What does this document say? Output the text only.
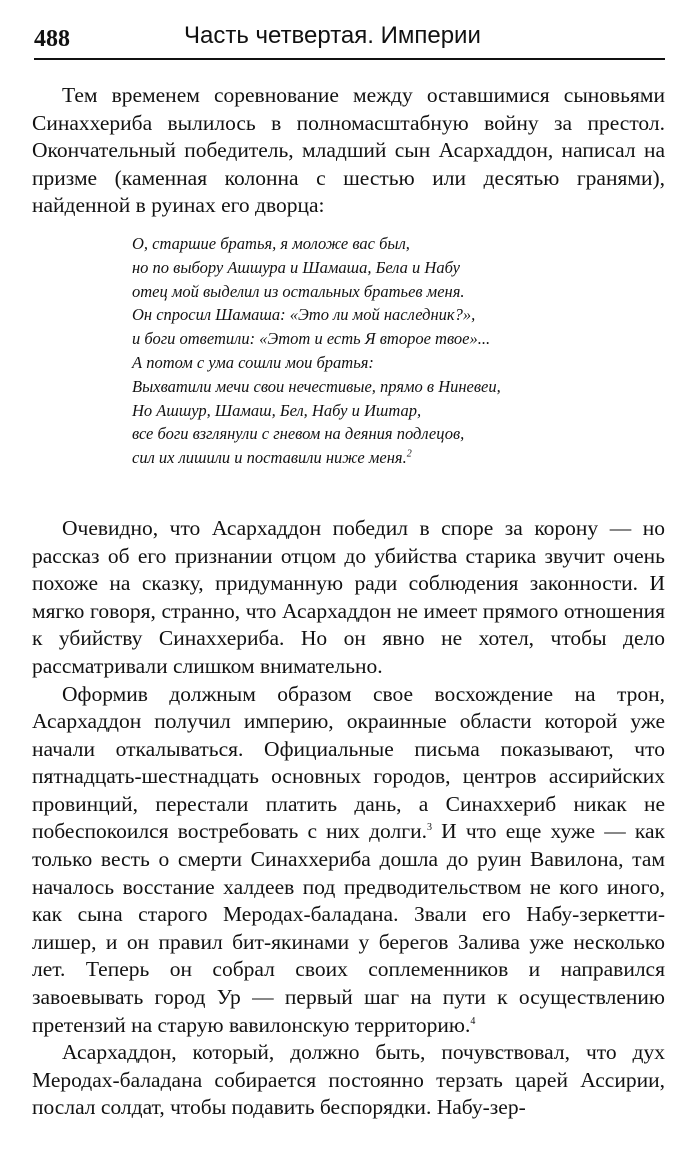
488	Часть четвертая. Империи

Тем временем соревнование между оставшимися сыновьями Синаххериба вылилось в полномасштабную войну за престол. Окончательный победитель, младший сын Асархаддон, написал на призме (каменная колонна с шестью или десятью гранями), найденной в руинах его дворца:

О, старшие братья, я моложе вас был,
но по выбору Ашшура и Шамаша, Бела и Набу
отец мой выделил из остальных братьев меня.
Он спросил Шамаша: «Это ли мой наследник?»,
и боги ответили: «Этот и есть Я второе твое»...
А потом с ума сошли мои братья:
Выхватили мечи свои нечестивые, прямо в Ниневеи,
Но Ашшур, Шамаш, Бел, Набу и Иштар,
все боги взглянули с гневом на деяния подлецов,
сил их лишили и поставили ниже меня.$^2$

Очевидно, что Асархаддон победил в споре за корону — но рассказ об его признании отцом до убийства старика звучит очень похоже на сказку, придуманную ради соблюдения законности. И мягко говоря, странно, что Асархаддон не имеет прямого отношения к убийству Синаххериба. Но он явно не хотел, чтобы дело рассматривали слишком внимательно.

Оформив должным образом свое восхождение на трон, Асархаддон получил империю, окраинные области которой уже начали откалываться. Официальные письма показывают, что пятнадцать-шестнадцать основных городов, центров ассирийских провинций, перестали платить дань, а Синаххериб никак не побеспокоился востребовать с них долги.$^3$ И что еще хуже — как только весть о смерти Синаххериба дошла до руин Вавилона, там началось восстание халдеев под предводительством не кого иного, как сына старого Меродах-баладана. Звали его Набу-зеркетти-лишер, и он правил бит-якинами у берегов Залива уже несколько лет. Теперь он собрал своих соплеменников и направился завоевывать город Ур — первый шаг на пути к осуществлению претензий на старую вавилонскую территорию.$^4$

Асархаддон, который, должно быть, почувствовал, что дух Меродах-баладана собирается постоянно терзать царей Ассирии, послал солдат, чтобы подавить беспорядки. Набу-зер-
